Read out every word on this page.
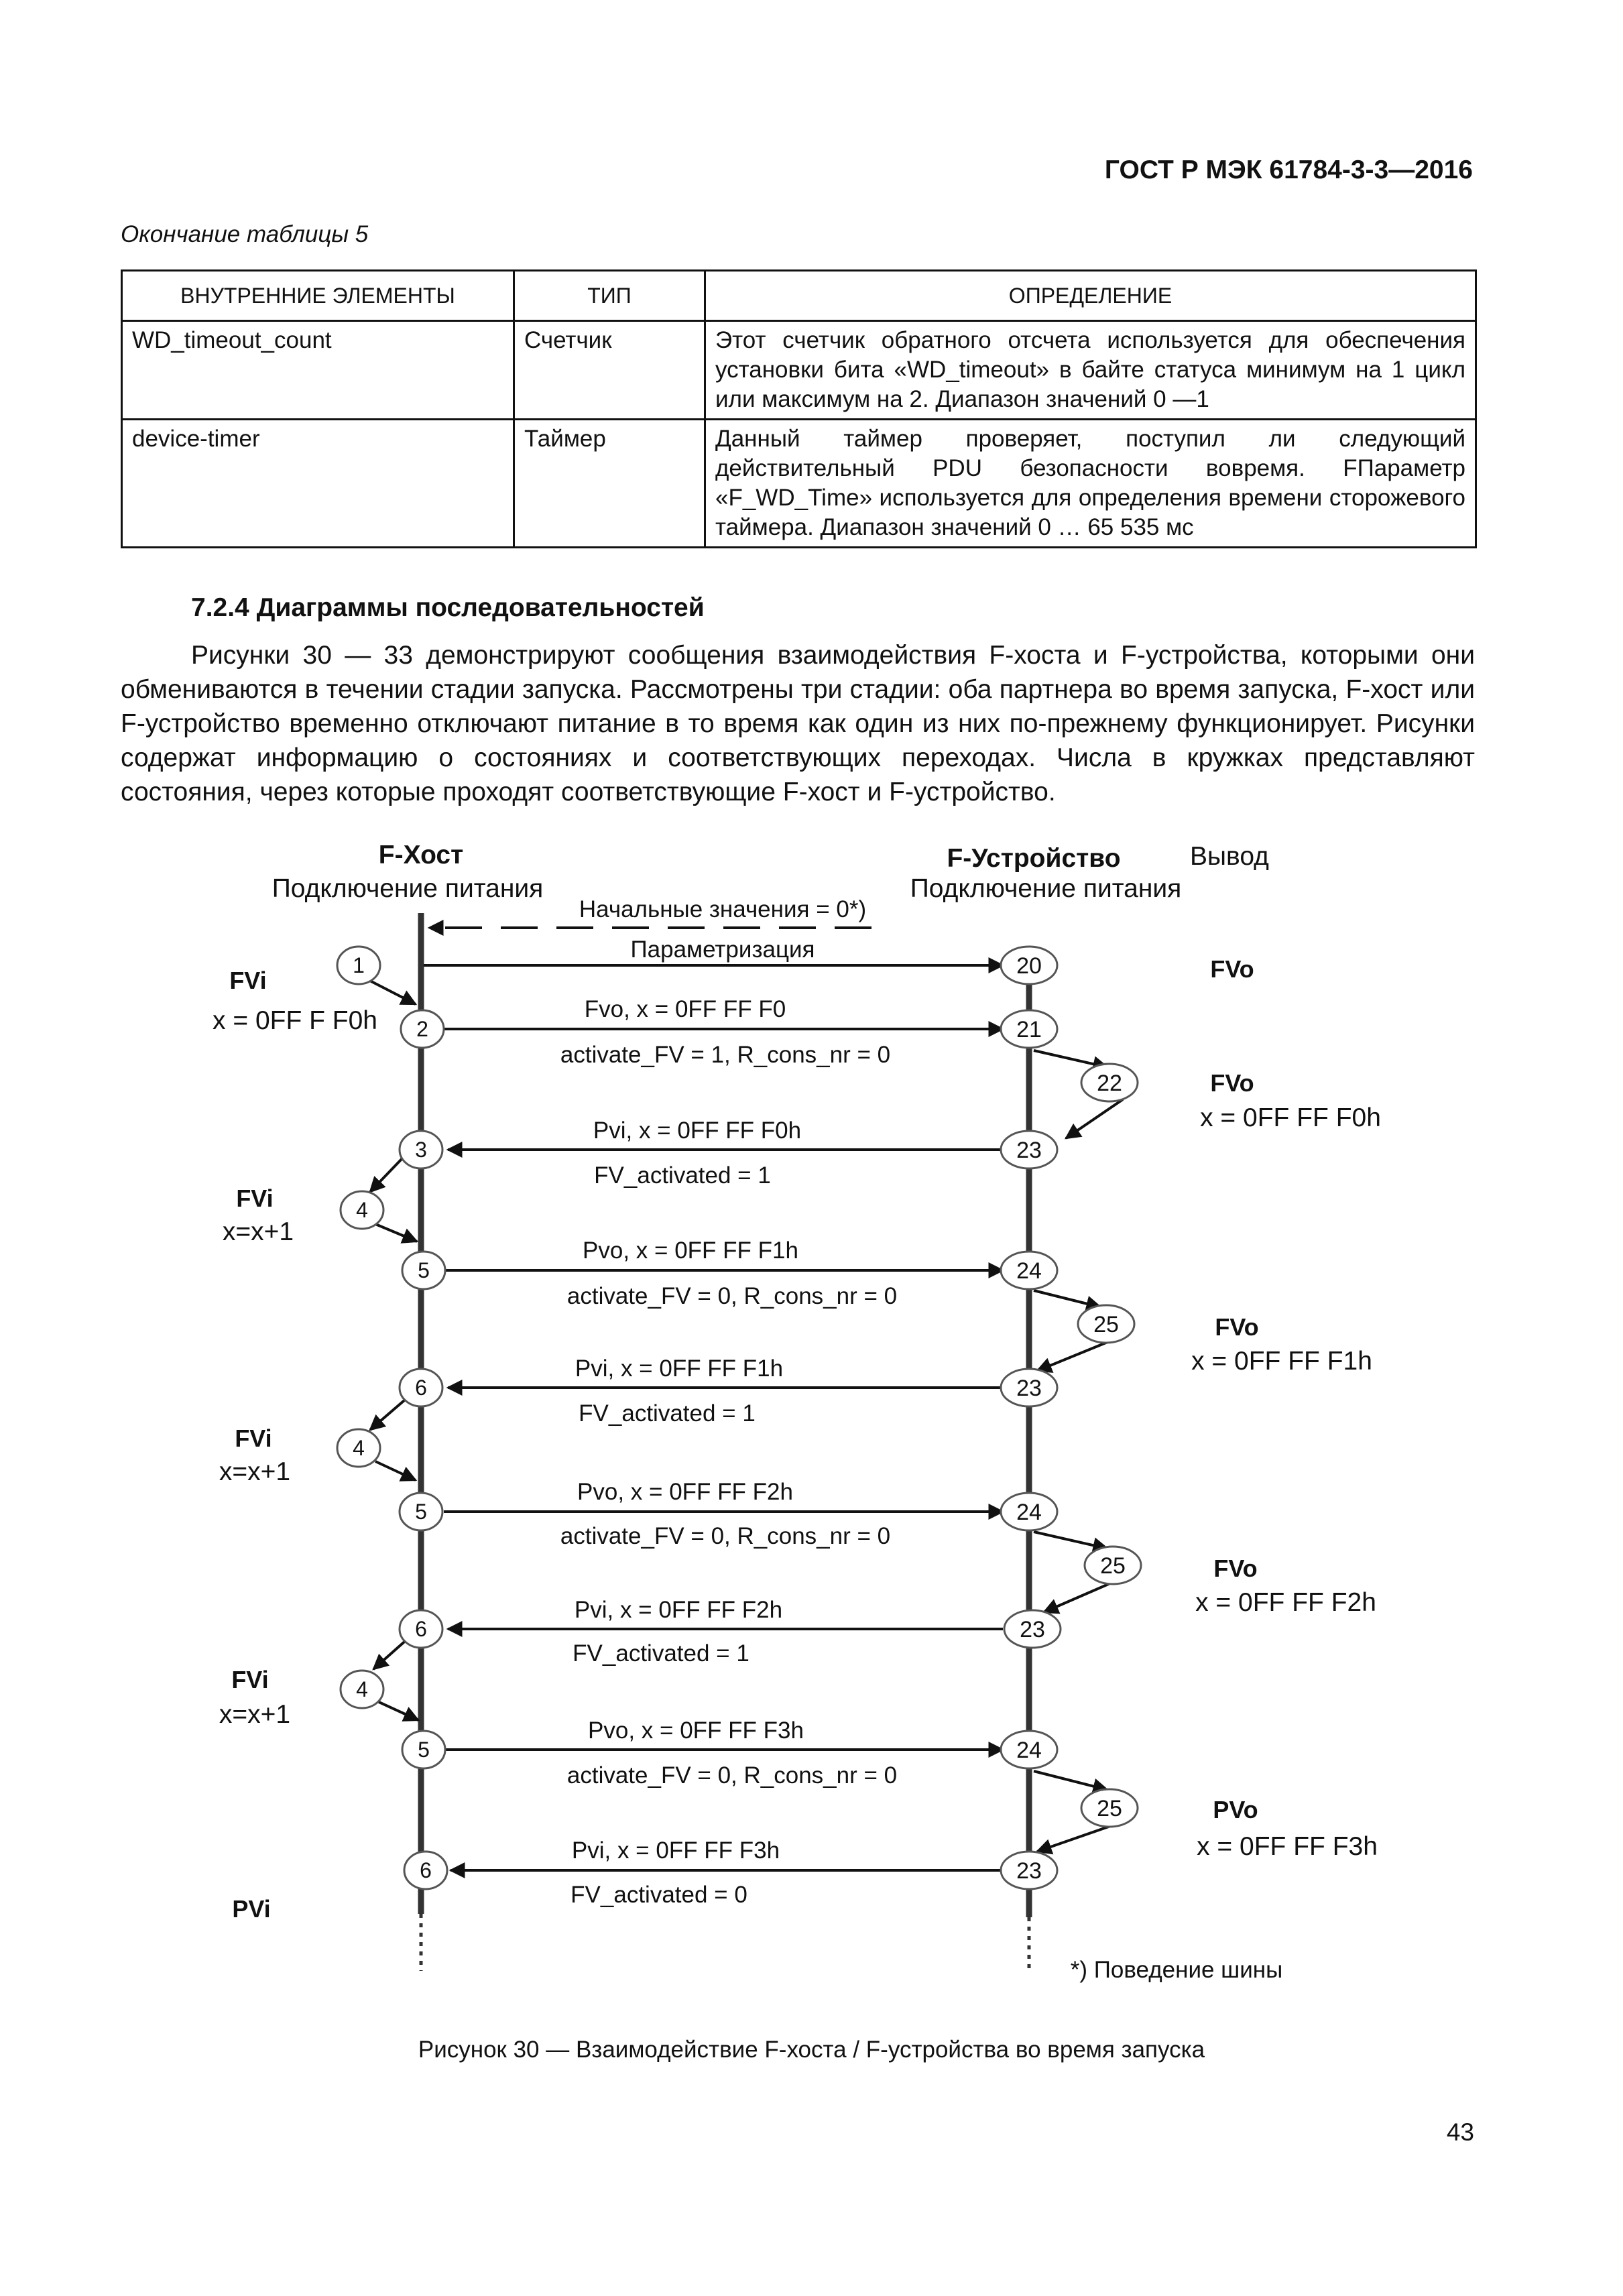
ГОСТ Р МЭК 61784-3-3—2016
Окончание таблицы 5
ВНУТРЕННИЕ ЭЛЕМЕНТЫ	ТИП	ОПРЕДЕЛЕНИЕ
WD_timeout_count	Счетчик	Этот счетчик обратного отсчета используется для обеспечения установки бита «WD_timeout» в байте статуса минимум на 1 цикл или максимум на 2. Диапазон значений 0 —1
device-timer	Таймер	Данный таймер проверяет, поступил ли следующий действительный PDU безопасности вовремя. FПараметр «F_WD_Time» используется для определения времени сторожевого таймера. Диапазон значений 0 … 65 535 мс
7.2.4 Диаграммы последовательностей
Рисунки 30 — 33 демонстрируют сообщения взаимодействия F-хоста и F-устройства, которыми они обмениваются в течении стадии запуска. Рассмотрены три стадии: оба партнера во время запуска, F-хост или F-устройство временно отключают питание в то время как один из них по-прежнему функционирует. Рисунки содержат информацию о состояниях и соответствующих переходах. Числа в кружках представляют состояния, через которые проходят соответствующие F-хост и F-устройство.
F-Хост
Подключение питания
F-Устройство	Вывод
Подключение питания
Начальные значения = 0*)
Параметризация
Fvo, x = 0FF FF F0
activate_FV = 1, R_cons_nr = 0
Pvi, x = 0FF FF F0h
FV_activated = 1
Pvo, x = 0FF FF F1h
activate_FV = 0, R_cons_nr = 0
Pvi, x = 0FF FF F1h
FV_activated = 1
Pvo, x = 0FF FF F2h
activate_FV = 0, R_cons_nr = 0
Pvi, x = 0FF FF F2h
FV_activated = 1
Pvo, x = 0FF FF F3h
activate_FV = 0, R_cons_nr = 0
Pvi, x = 0FF FF F3h
FV_activated = 0
1
2
3
4
5
6
4
5
6
4
5
6
20
21
22
23
24
25
23
24
25
23
24
25
23
FVi
x = 0FF F F0h
FVi
x=x+1
FVi
x=x+1
FVi
x=x+1
PVi
FVo
FVo
x = 0FF FF F0h
FVo
x = 0FF FF F1h
FVo
x = 0FF FF F2h
PVo
x = 0FF FF F3h
*) Поведение шины
Рисунок 30 — Взаимодействие F-хоста / F-устройства во время запуска
43
